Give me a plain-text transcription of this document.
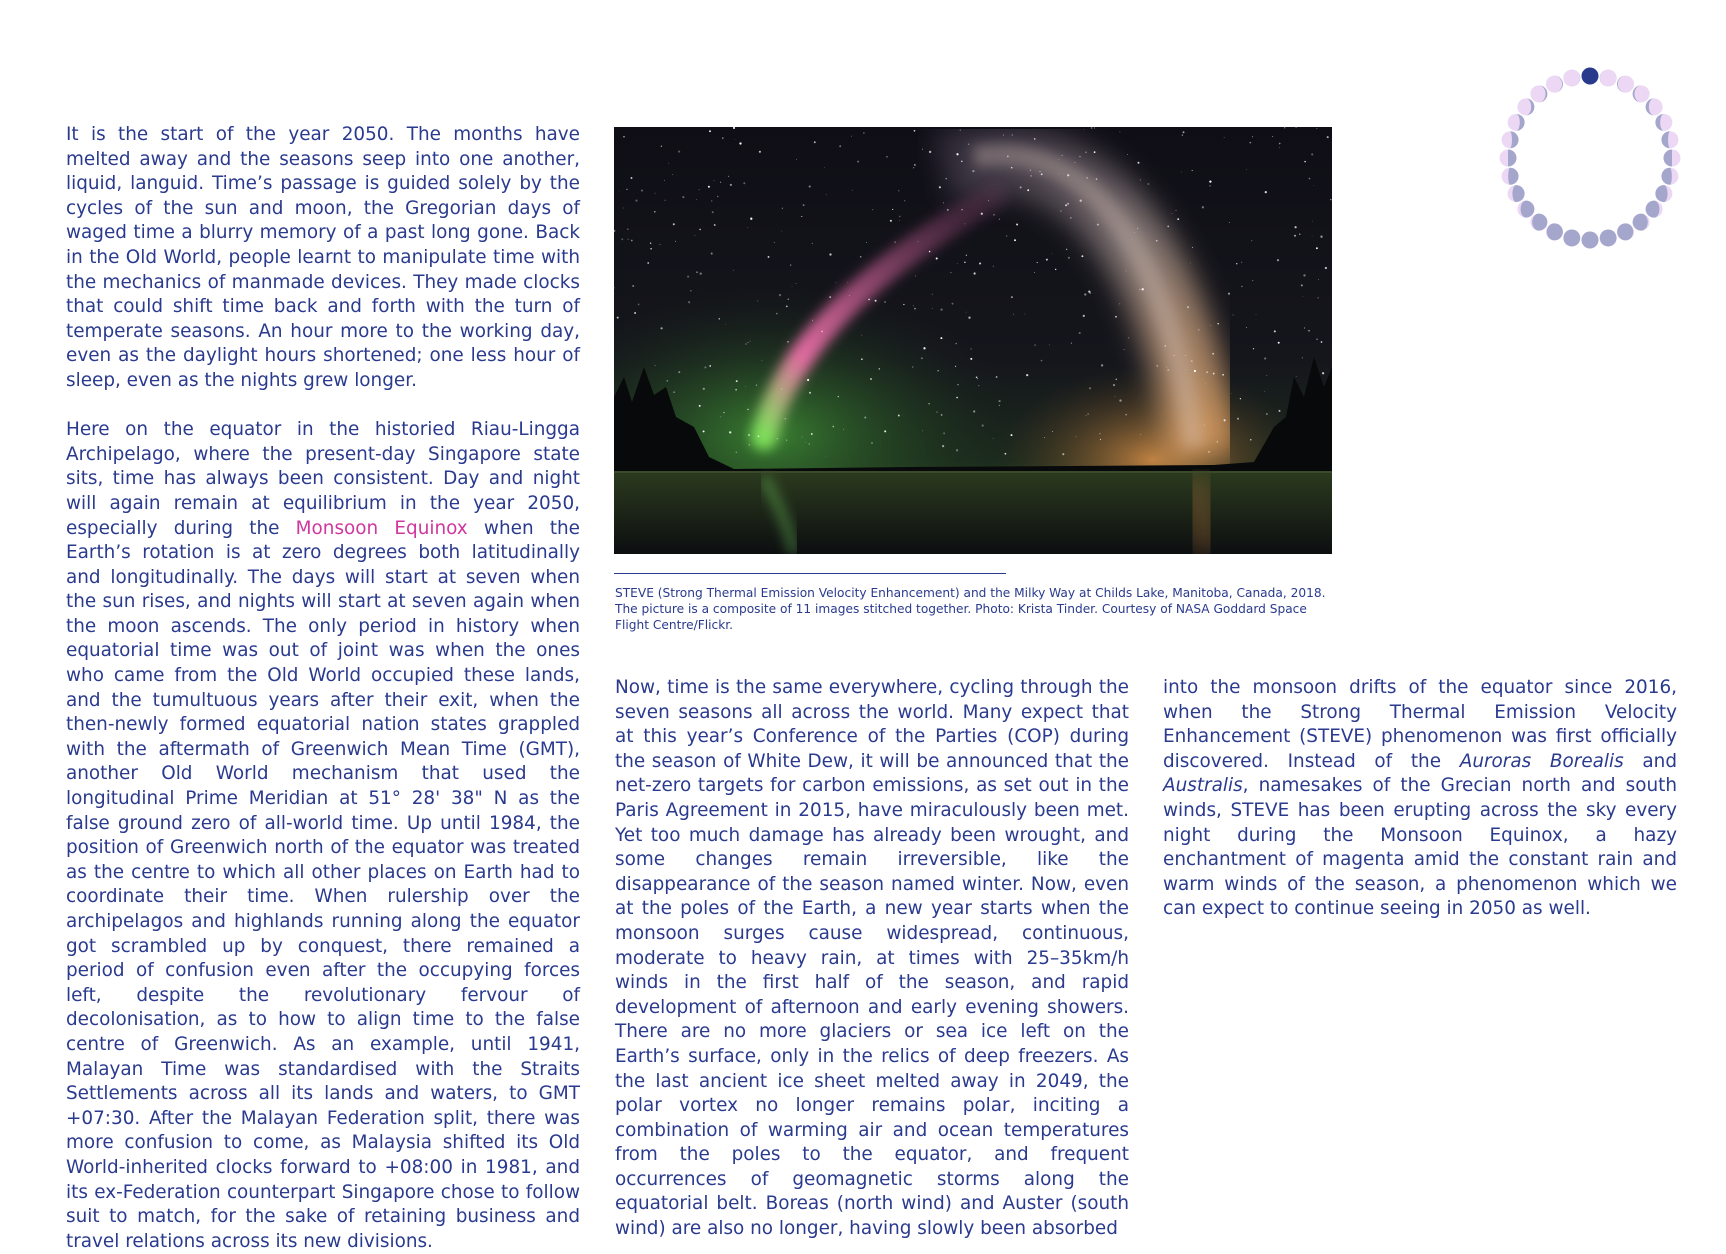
It is the start of the year 2050. The months have melted away and the seasons seep into one another, liquid, languid. Time’s passage is guided solely by the cycles of the sun and moon, the Gregorian days of waged time a blurry memory of a past long gone. Back in the Old World, people learnt to manipulate time with the mechanics of manmade devices. They made clocks that could shift time back and forth with the turn of temperate seasons. An hour more to the working day, even as the daylight hours shortened; one less hour of sleep, even as the nights grew longer.

Here on the equator in the historied Riau-Lingga Archipelago, where the present-day Singapore state sits, time has always been consistent. Day and night will again remain at equilibrium in the year 2050, especially during the Monsoon Equinox when the Earth’s rotation is at zero degrees both latitudinally and longitudinally. The days will start at seven when the sun rises, and nights will start at seven again when the moon ascends. The only period in history when equatorial time was out of joint was when the ones who came from the Old World occupied these lands, and the tumultuous years after their exit, when the then-newly formed equatorial nation states grappled with the aftermath of Greenwich Mean Time (GMT), another Old World mechanism that used the longitudinal Prime Meridian at 51° 28' 38" N as the false ground zero of all-world time. Up until 1984, the position of Greenwich north of the equator was treated as the centre to which all other places on Earth had to coordinate their time. When rulership over the archipelagos and highlands running along the equator got scrambled up by conquest, there remained a period of confusion even after the occupying forces left, despite the revolutionary fervour of decolonisation, as to how to align time to the false centre of Greenwich. As an example, until 1941, Malayan Time was standardised with the Straits Settlements across all its lands and waters, to GMT +07:30. After the Malayan Federation split, there was more confusion to come, as Malaysia shifted its Old World-inherited clocks forward to +08:00 in 1981, and its ex-Federation counterpart Singapore chose to follow suit to match, for the sake of retaining business and travel relations across its new divisions.

STEVE (Strong Thermal Emission Velocity Enhancement) and the Milky Way at Childs Lake, Manitoba, Canada, 2018. The picture is a composite of 11 images stitched together. Photo: Krista Tinder. Courtesy of NASA Goddard Space Flight Centre/Flickr.

Now, time is the same everywhere, cycling through the seven seasons all across the world. Many expect that at this year’s Conference of the Parties (COP) during the season of White Dew, it will be announced that the net-zero targets for carbon emissions, as set out in the Paris Agreement in 2015, have miraculously been met. Yet too much damage has already been wrought, and some changes remain irreversible, like the disappearance of the season named winter. Now, even at the poles of the Earth, a new year starts when the monsoon surges cause widespread, continuous, moderate to heavy rain, at times with 25–35km/h winds in the first half of the season, and rapid development of afternoon and early evening showers. There are no more glaciers or sea ice left on the Earth’s surface, only in the relics of deep freezers. As the last ancient ice sheet melted away in 2049, the polar vortex no longer remains polar, inciting a combination of warming air and ocean temperatures from the poles to the equator, and frequent occurrences of geomagnetic storms along the equatorial belt. Boreas (north wind) and Auster (south wind) are also no longer, having slowly been absorbed

into the monsoon drifts of the equator since 2016, when the Strong Thermal Emission Velocity Enhancement (STEVE) phenomenon was first officially discovered. Instead of the Auroras Borealis and Australis, namesakes of the Grecian north and south winds, STEVE has been erupting across the sky every night during the Monsoon Equinox, a hazy enchantment of magenta amid the constant rain and warm winds of the season, a phenomenon which we can expect to continue seeing in 2050 as well.
